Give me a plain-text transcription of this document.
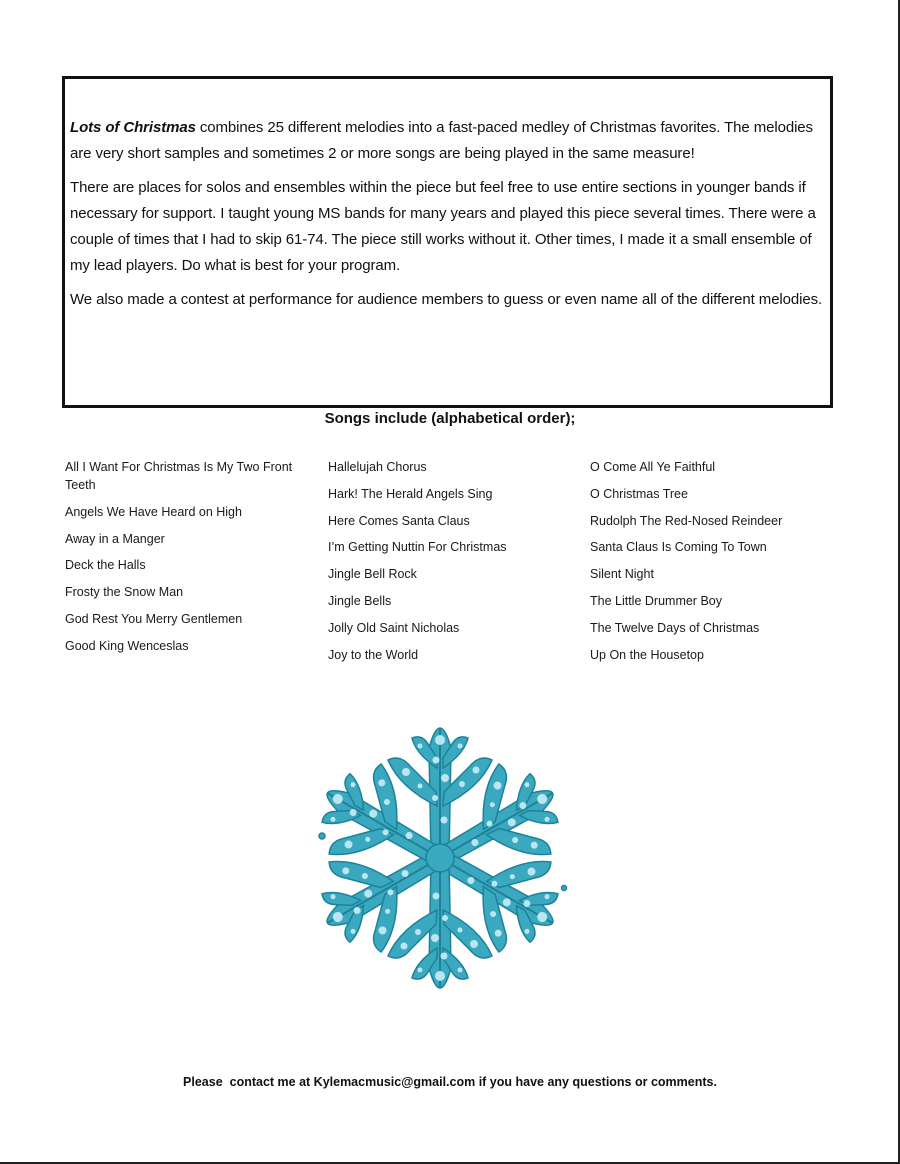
Lots of Christmas combines 25 different melodies into a fast-paced medley of Christmas favorites. The melodies are very short samples and sometimes 2 or more songs are being played in the same measure!

There are places for solos and ensembles within the piece but feel free to use entire sections in younger bands if necessary for support. I taught young MS bands for many years and played this piece several times. There were a couple of times that I had to skip 61-74. The piece still works without it. Other times, I made it a small ensemble of my lead players. Do what is best for your program.

We also made a contest at performance for audience members to guess or even name all of the different melodies.

Songs include (alphabetical order);
All I Want For Christmas Is My Two Front Teeth
Angels We Have Heard on High
Away in a Manger
Deck the Halls
Frosty the Snow Man
God Rest You Merry Gentlemen
Good King Wenceslas
Hallelujah Chorus
Hark! The Herald Angels Sing
Here Comes Santa Claus
I’m Getting Nuttin For Christmas
Jingle Bell Rock
Jingle Bells
Jolly Old Saint Nicholas
Joy to the World
O Come All Ye Faithful
O Christmas Tree
Rudolph The Red-Nosed Reindeer
Santa Claus Is Coming To Town
Silent Night
The Little Drummer Boy
The Twelve Days of Christmas
Up On the Housetop
Please  contact me at Kylemacmusic@gmail.com if you have any questions or comments.
